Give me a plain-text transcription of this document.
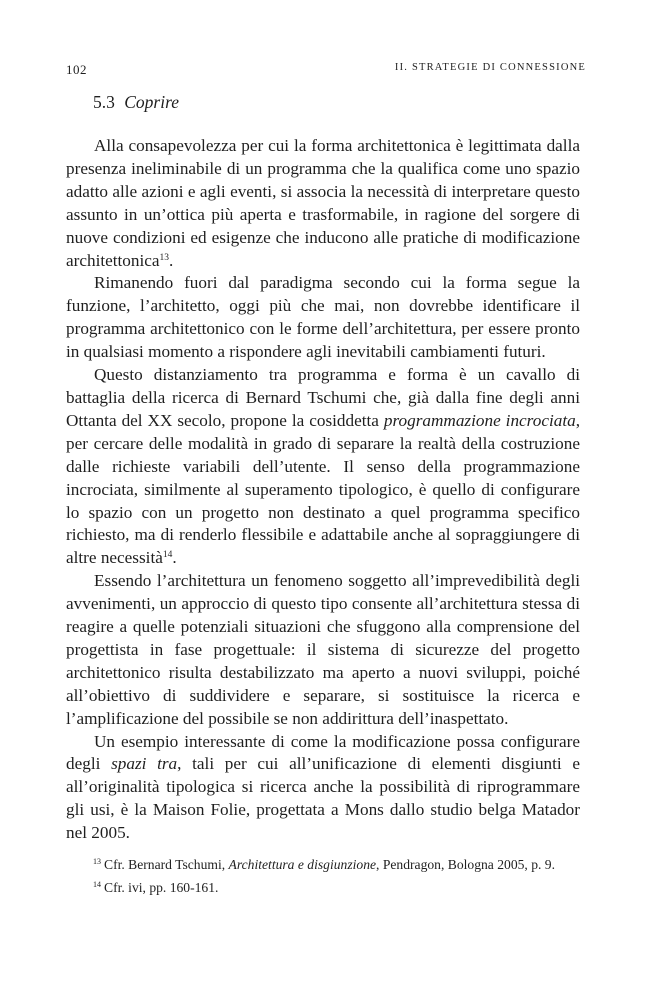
102	II. STRATEGIE DI CONNESSIONE
5.3 Coprire

Alla consapevolezza per cui la forma architettonica è legittimata dalla presenza ineliminabile di un programma che la qualifica come uno spazio adatto alle azioni e agli eventi, si associa la necessità di interpretare questo assunto in un’ottica più aperta e trasformabile, in ragione del sorgere di nuove condizioni ed esigenze che inducono alle pratiche di modificazione architettonica$^{13}$.

Rimanendo fuori dal paradigma secondo cui la forma segue la funzione, l’architetto, oggi più che mai, non dovrebbe identificare il programma architettonico con le forme dell’architettura, per essere pronto in qualsiasi momento a rispondere agli inevitabili cambiamenti futuri.

Questo distanziamento tra programma e forma è un cavallo di battaglia della ricerca di Bernard Tschumi che, già dalla fine degli anni Ottanta del XX secolo, propone la cosiddetta programmazione incrociata, per cercare delle modalità in grado di separare la realtà della costruzione dalle richieste variabili dell’utente. Il senso della programmazione incrociata, similmente al superamento tipologico, è quello di configurare lo spazio con un progetto non destinato a quel programma specifico richiesto, ma di renderlo flessibile e adattabile anche al sopraggiungere di altre necessità$^{14}$.

Essendo l’architettura un fenomeno soggetto all’imprevedibilità degli avvenimenti, un approccio di questo tipo consente all’architettura stessa di reagire a quelle potenziali situazioni che sfuggono alla comprensione del progettista in fase progettuale: il sistema di sicurezze del progetto architettonico risulta destabilizzato ma aperto a nuovi sviluppi, poiché all’obiettivo di suddividere e separare, si sostituisce la ricerca e l’amplificazione del possibile se non addirittura dell’inaspettato.

Un esempio interessante di come la modificazione possa configurare degli spazi tra, tali per cui all’unificazione di elementi disgiunti e all’originalità tipologica si ricerca anche la possibilità di riprogrammare gli usi, è la Maison Folie, progettata a Mons dallo studio belga Matador nel 2005.

$^{13}$ Cfr. Bernard Tschumi, Architettura e disgiunzione, Pendragon, Bologna 2005, p. 9.
$^{14}$ Cfr. ivi, pp. 160-161.
